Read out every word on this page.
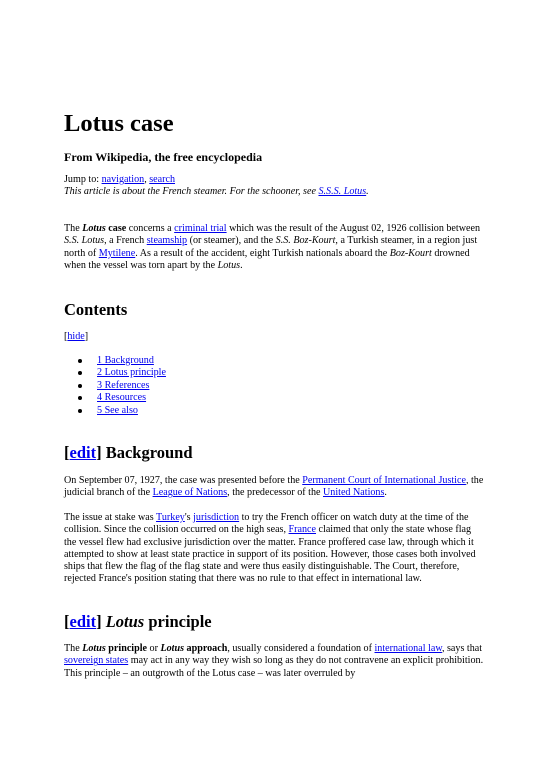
Lotus case

From Wikipedia, the free encyclopedia

Jump to: navigation, search

This article is about the French steamer. For the schooner, see S.S.S. Lotus.

The Lotus case concerns a criminal trial which was the result of the August 02, 1926 collision between S.S. Lotus, a French steamship (or steamer), and the S.S. Boz-Kourt, a Turkish steamer, in a region just north of Mytilene. As a result of the accident, eight Turkish nationals aboard the Boz-Kourt drowned when the vessel was torn apart by the Lotus.

Contents

[hide]

1 Background
2 Lotus principle
3 References
4 Resources
5 See also
[edit] Background

On September 07, 1927, the case was presented before the Permanent Court of International Justice, the judicial branch of the League of Nations, the predecessor of the United Nations.

The issue at stake was Turkey's jurisdiction to try the French officer on watch duty at the time of the collision. Since the collision occurred on the high seas, France claimed that only the state whose flag the vessel flew had exclusive jurisdiction over the matter. France proffered case law, through which it attempted to show at least state practice in support of its position. However, those cases both involved ships that flew the flag of the flag state and were thus easily distinguishable. The Court, therefore, rejected France's position stating that there was no rule to that effect in international law.

[edit] Lotus principle

The Lotus principle or Lotus approach, usually considered a foundation of international law, says that sovereign states may act in any way they wish so long as they do not contravene an explicit prohibition. This principle – an outgrowth of the Lotus case – was later overruled by
